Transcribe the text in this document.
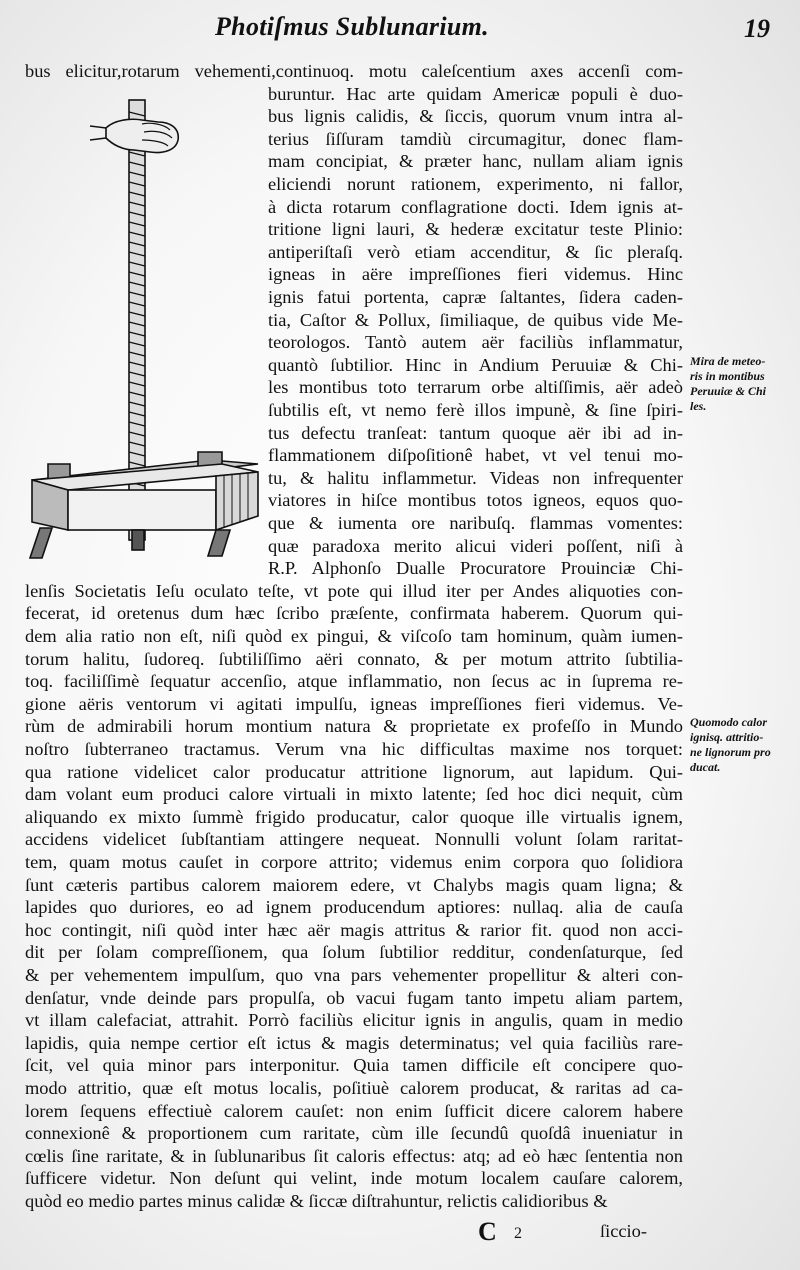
Photiſmus Sublunarium.	19
bus elicitur,rotarum vehementi,continuoq. motu caleſcentium axes accenſi com-
buruntur. Hac arte quidam Americæ populi è duo-
bus lignis calidis, & ſiccis, quorum vnum intra al-
terius ſiſſuram tamdiù circumagitur, donec flam-
mam concipiat, & præter hanc, nullam aliam ignis
eliciendi norunt rationem, experimento, ni fallor,
à dicta rotarum conflagratione docti. Idem ignis at-
tritione ligni lauri, & hederæ excitatur teste Plinio:
antiperiſtaſi verò etiam accenditur, & ſic pleraſq.
igneas in aëre impreſſiones fieri videmus. Hinc
ignis fatui portenta, capræ ſaltantes, ſidera caden-
tia, Caſtor & Pollux, ſimiliaque, de quibus vide Me-
teorologos. Tantò autem aër faciliùs inflammatur,
quantò ſubtilior. Hinc in Andium Peruuiæ & Chi-
les montibus toto terrarum orbe altiſſimis, aër adeò
ſubtilis eſt, vt nemo ferè illos impunè, & ſine ſpiri-
tus defectu tranſeat: tantum quoque aër ibi ad in-
flammationem diſpoſitionê habet, vt vel tenui mo-
tu, & halitu inflammetur. Videas non infrequenter
viatores in hiſce montibus totos igneos, equos quo-
que & iumenta ore naribuſq. flammas vomentes:
quæ paradoxa merito alicui videri poſſent, niſi à
R.P. Alphonſo Dualle Procuratore Prouinciæ Chi-
lenſis Societatis Ieſu oculato teſte, vt pote qui illud iter per Andes aliquoties con-
fecerat, id oretenus dum hæc ſcribo præſente, confirmata haberem. Quorum qui-
dem alia ratio non eſt, niſi quòd ex pingui, & viſcoſo tam hominum, quàm iumen-
torum halitu, ſudoreq. ſubtiliſſimo aëri connato, & per motum attrito ſubtilia-
toq. faciliſſimè ſequatur accenſio, atque inflammatio, non ſecus ac in ſuprema re-
gione aëris ventorum vi agitati impulſu, igneas impreſſiones fieri videmus. Ve-
rùm de admirabili horum montium natura & proprietate ex profeſſo in Mundo
noſtro ſubterraneo tractamus. Verum vna hic difficultas maxime nos torquet:
qua ratione videlicet calor producatur attritione lignorum, aut lapidum. Qui-
dam volant eum produci calore virtuali in mixto latente; ſed hoc dici nequit, cùm
aliquando ex mixto ſummè frigido producatur, calor quoque ille virtualis ignem,
accidens videlicet ſubſtantiam attingere nequeat. Nonnulli volunt ſolam raritat-
tem, quam motus cauſet in corpore attrito; videmus enim corpora quo ſolidiora
ſunt cæteris partibus calorem maiorem edere, vt Chalybs magis quam ligna; &
lapides quo duriores, eo ad ignem producendum aptiores: nullaq. alia de cauſa
hoc contingit, niſi quòd inter hæc aër magis attritus & rarior fit. quod non acci-
dit per ſolam compreſſionem, qua ſolum ſubtilior redditur, condenſaturque, ſed
& per vehementem impulſum, quo vna pars vehementer propellitur & alteri con-
denſatur, vnde deinde pars propulſa, ob vacui fugam tanto impetu aliam partem,
vt illam calefaciat, attrahit. Porrò faciliùs elicitur ignis in angulis, quam in medio
lapidis, quia nempe certior eſt ictus & magis determinatus; vel quia faciliùs rare-
ſcit, vel quia minor pars interponitur. Quia tamen difficile eſt concipere quo-
modo attritio, quæ eſt motus localis, poſitiuè calorem producat, & raritas ad ca-
lorem ſequens effectiuè calorem cauſet: non enim ſufficit dicere calorem habere
connexionê & proportionem cum raritate, cùm ille ſecundû quoſdâ inueniatur in
cœlis ſine raritate, & in ſublunaribus ſit caloris effectus: atq; ad eò hæc ſententia non
ſufficere videtur. Non deſunt qui velint, inde motum localem cauſare calorem,
quòd eo medio partes minus calidæ & ſiccæ diſtrahuntur, relictis calidioribus &
Mira de meteo-
ris in montibus
Peruuiæ & Chi
les.
Quomodo calor
ignisq. attritio-
ne lignorum pro
ducat.
C 2	ſiccio-
